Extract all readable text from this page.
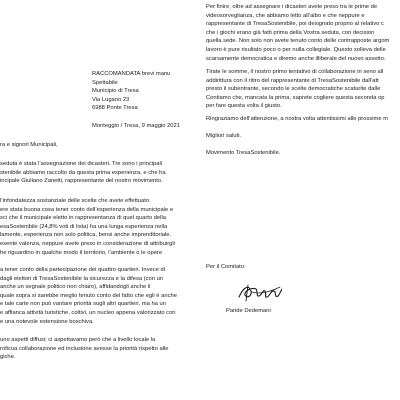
RACCOMANDATA brevi manu
Spettabile
Municipio di Tresa
Via Lugano 23
6988 Ponte Tresa
Monteggio / Tresa, 9 maggio 2021
ra e signori Municipali,
seduta è stata l’assegnazione dei dicasteri. Tre sono i principali
stenibile abbiamo raccolto da questa prima esperienza, e che ha
incipale Giuliano Zanetti, rappresentante del nostro movimento.
l’infondatezza sostanziale delle scelte che avete effettuato.
ere stata buona cosa tener conto dell’esperienza della municipale e
sci che il municipale eletto in rappresentanza di quel quarto della
esaSostenibile (24,8% voti di lista) ha una lunga esperienza nella
lamente, esperienza non solo politica, bensi anche imprenditoriale.
esente valenza, neppure avete preso in considerazione di attribuirgli
he riguardino in qualche modo il territorio, l’ambiente o le opere
a tener conto della partecipazione dei quattro quartieri. Invece di
dagli elettori di TresaSostenibile la sicurezza e la difesa (con un
anche un segnale politico non chiaro), affidandogli anche il
quale sopra si sarebbe meglio tenuto conto del fatto che egli è anche
e tale carte non può vantare priorità sugli altri quartieri, ma ha un
e affianca attività turistiche, coltivi, un nucleo appena valorizzato con
e una notevole estensione boschiva.
uno aspetti diffusi; ci aspettavamo però che a livello locale la
roficua collaborazione ed inclusione avesse la priorità rispetto alle
giche.
Per finire, oltre ad assegnare i dicasteri avete preso tra le prime de
videosorveglianza, che abbiamo letto all’albo e che neppure e
rappresentante di TresaSostenibile, poi designato proprio al relativo c
che i giochi erano già fatti prima della Vostra seduta, con decision
quella sede. Non solo non avete tenuto conto delle contrapposte argom
lavoro è pure risultato poco o per nulla collegiale. Questo solleva delle
scarsamente democratica e diremo anche illiberale del nuovo assetto.
Tirate le somme, il nostro primo tentativo di collaborazione in seno all
addirittura con il ritiro del rappresentante di TresaSostenibile dall’att
presto il subentrante, secondo le scelte democratiche scaturite dalle
Contiamo che, mancata la prima, saprete cogliere questa seconda op
per fare questa volta il giusto.
Ringraziamo dell’attenzione, a nostra volta attentissimi alle prossime m
Migliori saluti.
Movimento TresaSostenibile.
Per il Comitato:
Paride Dedemani
